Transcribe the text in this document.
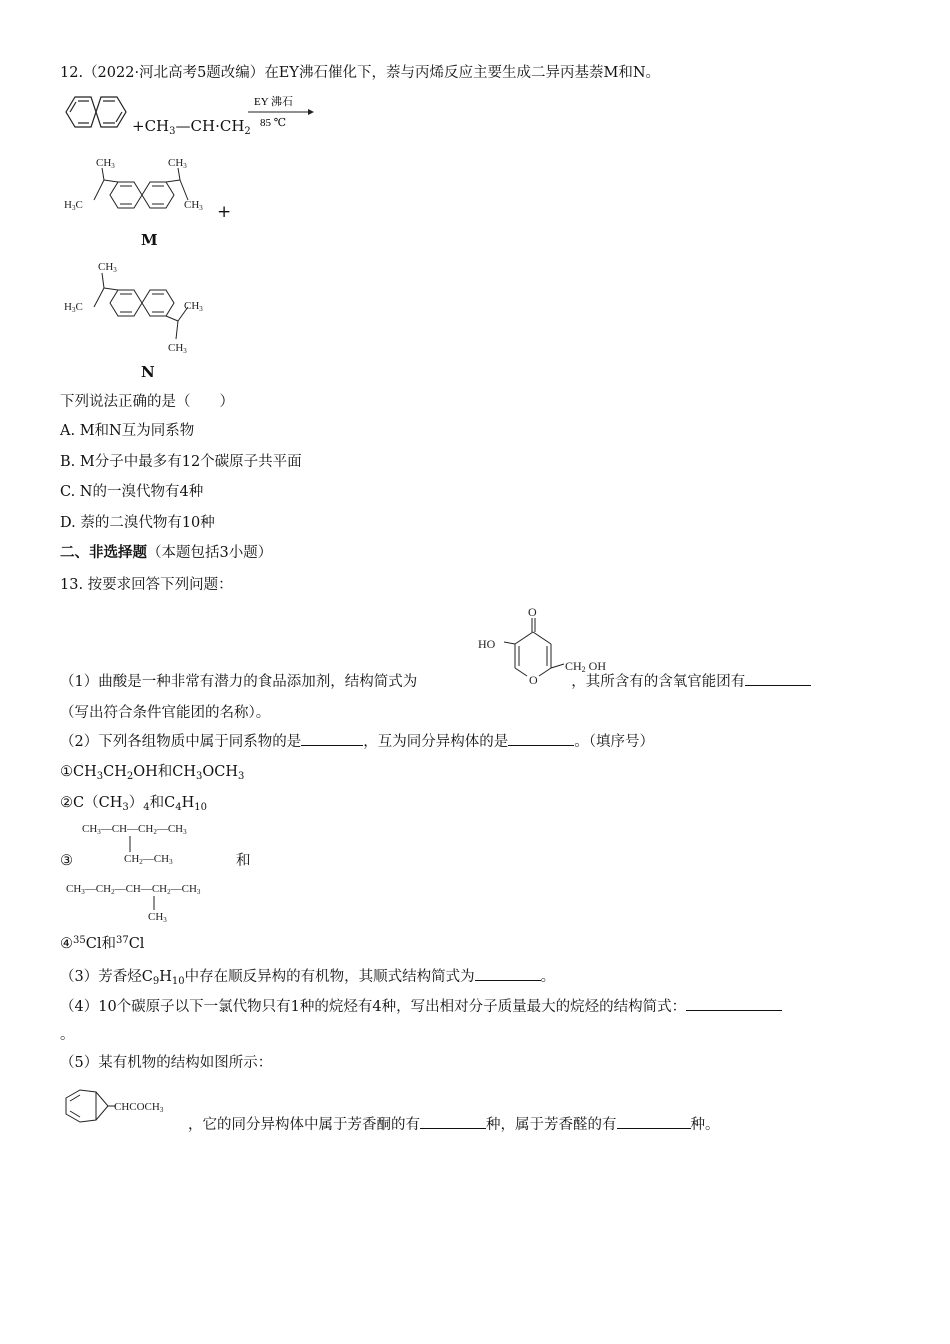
12.（2022·河北高考5题改编）在EY沸石催化下，萘与丙烯反应主要生成二异丙基萘M和N。
$+CH_3—CH\cdot CH_2$
EY 沸石
85 ℃
CH3
H3C
CH3
CH3 +
M
CH3
H3C	CH3
CH3
N
下列说法正确的是（　　）
A. M和N互为同系物
B. M分子中最多有12个碳原子共平面
C. N的一溴代物有4种
D. 萘的二溴代物有10种
二、非选择题（本题包括3小题）
13. 按要求回答下列问题：
O
HO
O
CH2 OH
（1）曲酸是一种非常有潜力的食品添加剂，结构简式为	，其所含有的含氧官能团有
（写出符合条件官能团的名称）。
（2）下列各组物质中属于同系物的是	，互为同分异构体的是	。（填序号）
$①CH_3CH_2OH$和$CH_3OCH_3$
$②C(CH_3)_4$和$C_4H_{10}$
CH3—CH—CH2—CH3
CH2—CH3
CH3—CH2—CH—CH2—CH3
CH3
③	和
④$^{35}$Cl和$^{37}$Cl
（3）芳香烃$C_9H_{10}$中存在顺反异构的有机物，其顺式结构简式为	。
（4）10个碳原子以下一氯代物只有1种的烷烃有4种，写出相对分子质量最大的烷烃的结构简式：
。
（5）某有机物的结构如图所示：
CHCOCH3
，它的同分异构体中属于芳香酮的有	种，属于芳香醛的有	种。
